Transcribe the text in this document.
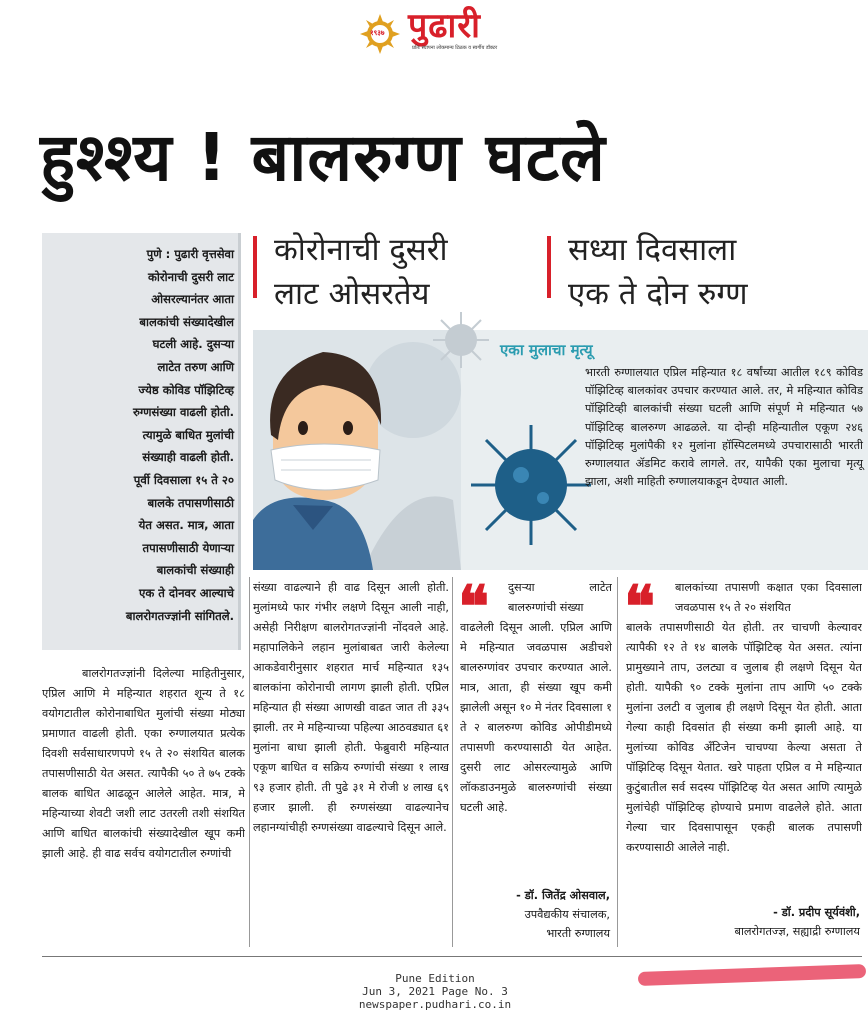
१९३७ पुढारी
प्रतिः स्थापना लोकमान्य टिळक व स्वर्गीय डॉक्टर
हुश्श्य ! बालरुग्ण घटले
कोरोनाची दुसरी
लाट ओसरतेय
सध्या दिवसाला
एक ते दोन रुग्ण
पुणे : पुढारी वृत्तसेवा
कोरोनाची दुसरी लाट
ओसरल्यानंतर आता
बालकांची संख्यादेखील
घटली आहे. दुसऱ्या
लाटेत तरुण आणि
ज्येष्ठ कोविड पॉझिटिव्ह
रुग्णसंख्या वाढली होती.
त्यामुळे बाधित मुलांची
संख्याही वाढली होती.
पूर्वी दिवसाला १५ ते २०
बालके तपासणीसाठी
येत असत. मात्र, आता
तपासणीसाठी येणाऱ्या
बालकांची संख्याही
एक ते दोनवर आल्याचे
बालरोगतज्ज्ञांनी सांगितले.
एका मुलाचा मृत्यू
भारती रुग्णालयात एप्रिल महिन्यात १८ वर्षांच्या आतील १८९ कोविड पॉझिटिव्ह बालकांवर उपचार करण्यात आले. तर, मे महिन्यात कोविड पॉझिटिव्ही बालकांची संख्या घटली आणि संपूर्ण मे महिन्यात ५७ पॉझिटिव्ह बालरुग्ण आढळले. या दोन्ही महिन्यातील एकूण २४६ पॉझिटिव्ह मुलांपैकी १२ मुलांना हॉस्पिटलमध्ये उपचारासाठी भारती रुग्णालयात ॲडमिट करावे लागले. तर, यापैकी एका मुलाचा मृत्यू झाला, अशी माहिती रुग्णालयाकडून देण्यात आली.
बालरोगतज्ज्ञांनी दिलेल्या माहितीनुसार, एप्रिल आणि मे महिन्यात शहरात शून्य ते १८ वयोगटातील कोरोनाबाधित मुलांची संख्या मोठ्या प्रमाणात वाढली होती. एका रुग्णालयात प्रत्येक दिवशी सर्वसाधारणपणे १५ ते २० संशयित बालक तपासणीसाठी येत असत. त्यापैकी ५० ते ७५ टक्के बालक बाधित आढळून आलेले आहेत. मात्र, मे महिन्याच्या शेवटी जशी लाट उतरली तशी संशयित आणि बाधित बालकांची संख्यादेखील खूप कमी झाली आहे. ही वाढ सर्वच वयोगटातील रुग्णांची
संख्या वाढल्याने ही वाढ दिसून आली होती. मुलांमध्ये फार गंभीर लक्षणे दिसून आली नाही, असेही निरीक्षण बालरोगतज्ज्ञांनी नोंदवले आहे. महापालिकेने लहान मुलांबाबत जारी केलेल्या आकडेवारीनुसार शहरात मार्च महिन्यात १३५ बालकांना कोरोनाची लागण झाली होती. एप्रिल महिन्यात ही संख्या आणखी वाढत जात ती ३३५ झाली. तर मे महिन्याच्या पहिल्या आठवड्यात ६१ मुलांना बाधा झाली होती. फेब्रुवारी महिन्यात एकूण बाधित व सक्रिय रुग्णांची संख्या १ लाख ९३ हजार होती. ती पुढे ३१ मे रोजी ४ लाख ६९ हजार झाली. ही रुग्णसंख्या वाढल्यानेच लहानग्यांचीही रुग्णसंख्या वाढल्याचे दिसून आले.
❝ दुसऱ्या लाटेत बालरुग्णांची संख्या
वाढलेली दिसून आली. एप्रिल आणि मे महिन्यात जवळपास अडीचशे बालरुग्णांवर उपचार करण्यात आले. मात्र, आता, ही संख्या खूप कमी झालेली असून १० मे नंतर दिवसाला १ ते २ बालरुग्ण कोविड ओपीडीमध्ये तपासणी करण्यासाठी येत आहेत. दुसरी लाट ओसरल्यामुळे आणि लॉकडाउनमुळे बालरुग्णांची संख्या घटली आहे.
- डॉ. जितेंद्र ओसवाल,
उपवैद्यकीय संचालक,
भारती रुग्णालय
❝ बालकांच्या तपासणी कक्षात एका दिवसाला जवळपास १५ ते २० संशयित
बालके तपासणीसाठी येत होती. तर चाचणी केल्यावर त्यापैकी १२ ते १४ बालके पॉझिटिव्ह येत असत. त्यांना प्रामुख्याने ताप, उलट्या व जुलाब ही लक्षणे दिसून येत होती. यापैकी ९० टक्के मुलांना ताप आणि ५० टक्के मुलांना उलटी व जुलाब ही लक्षणे दिसून येत होती. आता गेल्या काही दिवसांत ही संख्या कमी झाली आहे. या मुलांच्या कोविड अँटिजेन चाचण्या केल्या असता ते पॉझिटिव्ह दिसून येतात. खरे पाहता एप्रिल व मे महिन्यात कुटुंबातील सर्व सदस्य पॉझिटिव्ह येत असत आणि त्यामुळे मुलांचेही पॉझिटिव्ह होण्याचे प्रमाण वाढलेले होते. आता गेल्या चार दिवसापासून एकही बालक तपासणी करण्यासाठी आलेले नाही.
- डॉ. प्रदीप सूर्यवंशी,
बालरोगतज्ज्ञ, सह्याद्री रुग्णालय
Pune Edition
Jun 3, 2021 Page No. 3
newspaper.pudhari.co.in
